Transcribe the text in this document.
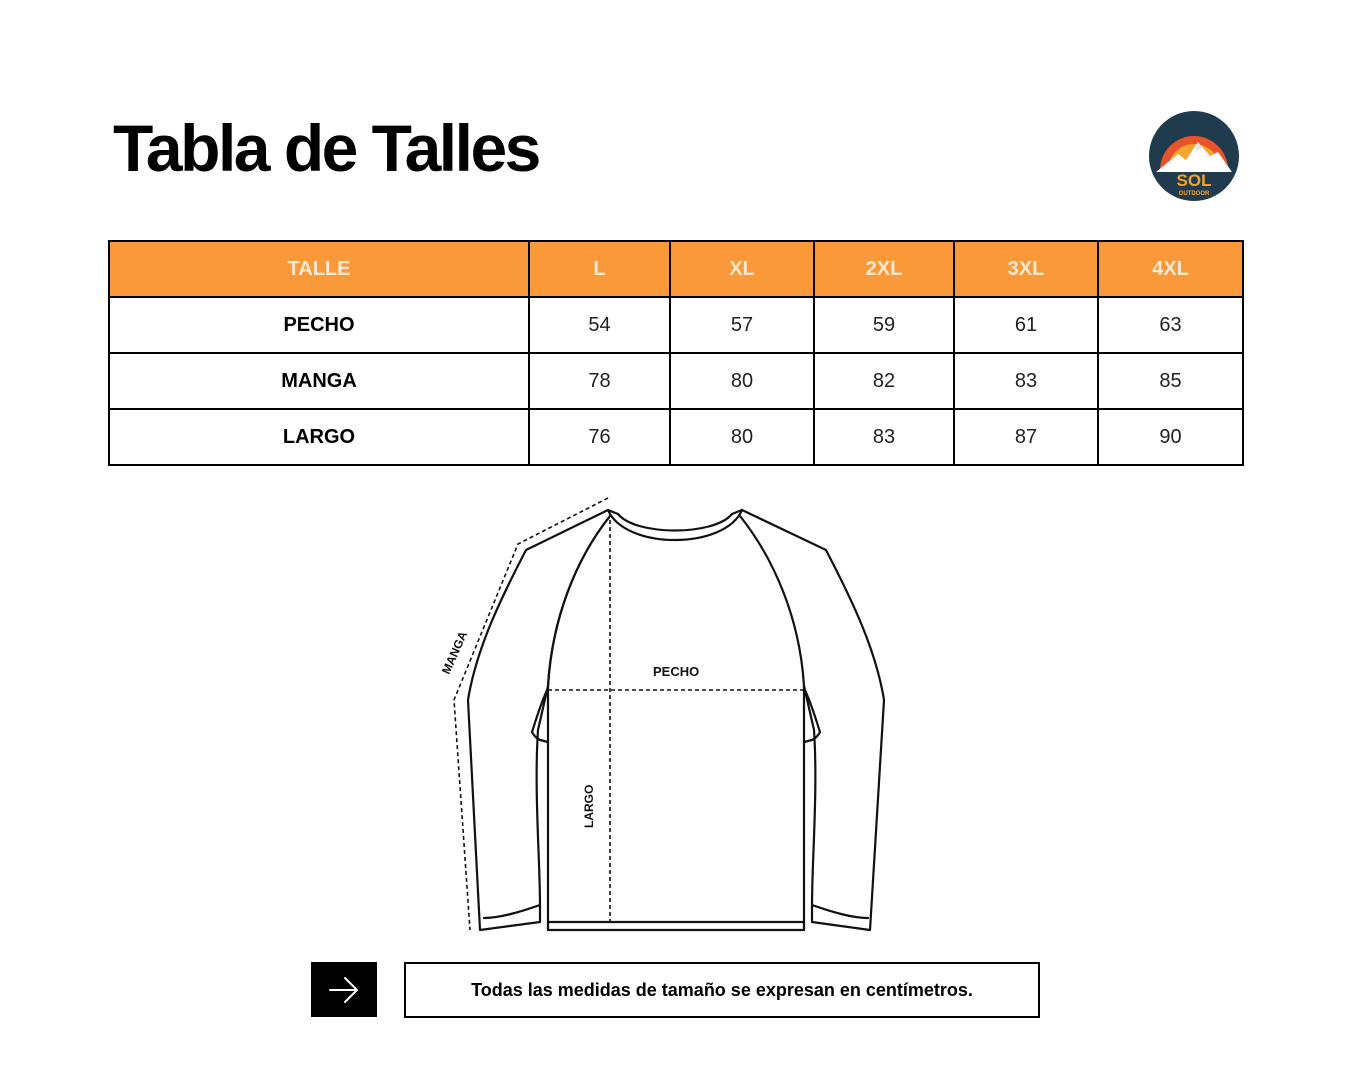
Tabla de Talles	SOL
OUTDOOR
TALLE	L	XL	2XL	3XL	4XL
PECHO	54	57	59	61	63
MANGA	78	80	82	83	85
LARGO	76	80	83	87	90
MANGA	PECHO
LARGO
Todas las medidas de tamaño se expresan en centímetros.
